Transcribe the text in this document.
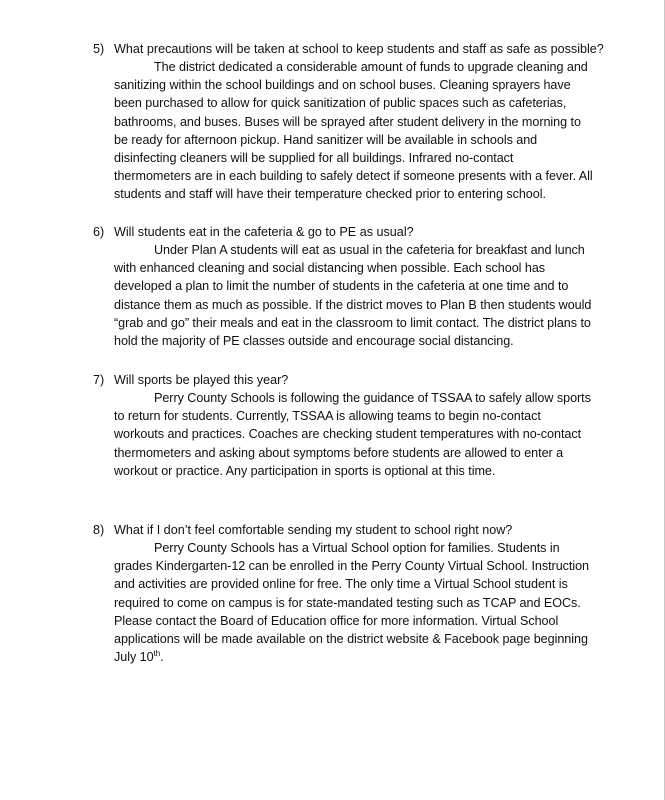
5) What precautions will be taken at school to keep students and staff as safe as possible?
The district dedicated a considerable amount of funds to upgrade cleaning and sanitizing within the school buildings and on school buses. Cleaning sprayers have been purchased to allow for quick sanitization of public spaces such as cafeterias, bathrooms, and buses. Buses will be sprayed after student delivery in the morning to be ready for afternoon pickup. Hand sanitizer will be available in schools and disinfecting cleaners will be supplied for all buildings. Infrared no-contact thermometers are in each building to safely detect if someone presents with a fever. All students and staff will have their temperature checked prior to entering school.
6) Will students eat in the cafeteria & go to PE as usual?
Under Plan A students will eat as usual in the cafeteria for breakfast and lunch with enhanced cleaning and social distancing when possible. Each school has developed a plan to limit the number of students in the cafeteria at one time and to distance them as much as possible. If the district moves to Plan B then students would “grab and go” their meals and eat in the classroom to limit contact. The district plans to hold the majority of PE classes outside and encourage social distancing.
7) Will sports be played this year?
Perry County Schools is following the guidance of TSSAA to safely allow sports to return for students. Currently, TSSAA is allowing teams to begin no-contact workouts and practices. Coaches are checking student temperatures with no-contact thermometers and asking about symptoms before students are allowed to enter a workout or practice. Any participation in sports is optional at this time.
8) What if I don’t feel comfortable sending my student to school right now?
Perry County Schools has a Virtual School option for families. Students in grades Kindergarten-12 can be enrolled in the Perry County Virtual School. Instruction and activities are provided online for free. The only time a Virtual School student is required to come on campus is for state-mandated testing such as TCAP and EOCs. Please contact the Board of Education office for more information. Virtual School applications will be made available on the district website & Facebook page beginning July 10th.
